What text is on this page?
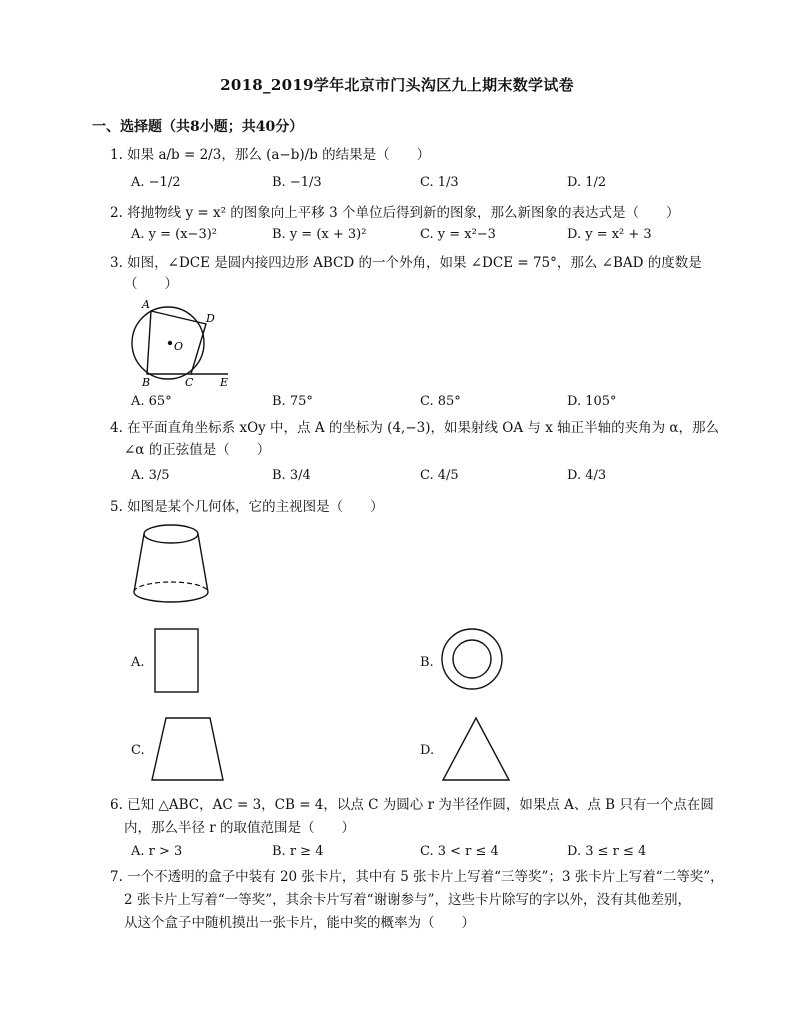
2018_2019学年北京市门头沟区九上期末数学试卷
一、选择题（共8小题；共40分）
1. 如果 a/b = 2/3，那么 (a−b)/b 的结果是（　　）
A. −1/2	B. −1/3	C. 1/3	D. 1/2
2. 将抛物线 y = x² 的图象向上平移 3 个单位后得到新的图象，那么新图象的表达式是（　　）
A. y = (x−3)²	B. y = (x + 3)²	C. y = x²−3	D. y = x² + 3
3. 如图，∠DCE 是圆内接四边形 ABCD 的一个外角，如果 ∠DCE = 75°，那么 ∠BAD 的度数是
（　　）
A
D
O
B	C E
A. 65°	B. 75°	C. 85°	D. 105°
4. 在平面直角坐标系 xOy 中，点 A 的坐标为 (4,−3)，如果射线 OA 与 x 轴正半轴的夹角为 α，那么
∠α 的正弦值是（　　）
A. 3/5	B. 3/4	C. 4/5	D. 4/3
5. 如图是某个几何体，它的主视图是（　　）
A.	B.
C.	D.
6. 已知 △ABC，AC = 3，CB = 4，以点 C 为圆心 r 为半径作圆，如果点 A、点 B 只有一个点在圆
内，那么半径 r 的取值范围是（　　）
A. r > 3	B. r ≥ 4	C. 3 < r ≤ 4	D. 3 ≤ r ≤ 4
7. 一个不透明的盒子中装有 20 张卡片，其中有 5 张卡片上写着“三等奖”；3 张卡片上写着“二等奖”，
2 张卡片上写着“一等奖”，其余卡片写着“谢谢参与”，这些卡片除写的字以外，没有其他差别，
从这个盒子中随机摸出一张卡片，能中奖的概率为（　　）
